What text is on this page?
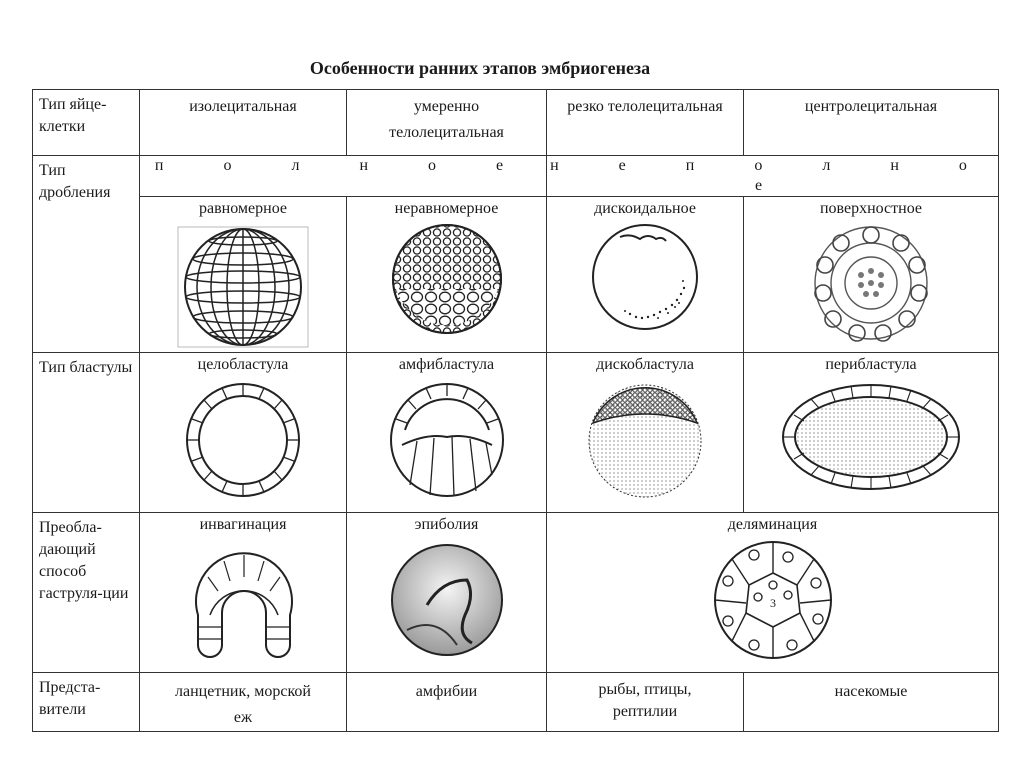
Особенности ранних этапов эмбриогенеза
Тип яйце-клетки	изолецитальная	умеренно телолецитальная	резко телолецитальная	центролецитальная
Тип дробления	п о л н о е		н е п о л н о е	

	равномерное	неравномерное	дискоидальное	поверхностное

Тип бластулы	целобластула	амфибластула	дискобластула	перибластула

Преобла-дающий способ гаструля-ции	инвагинация	эпиболия	деляминация
3	

Предста-вители	ланцетник, морской еж	амфибии	рыбы, птицы, рептилии	насекомые
